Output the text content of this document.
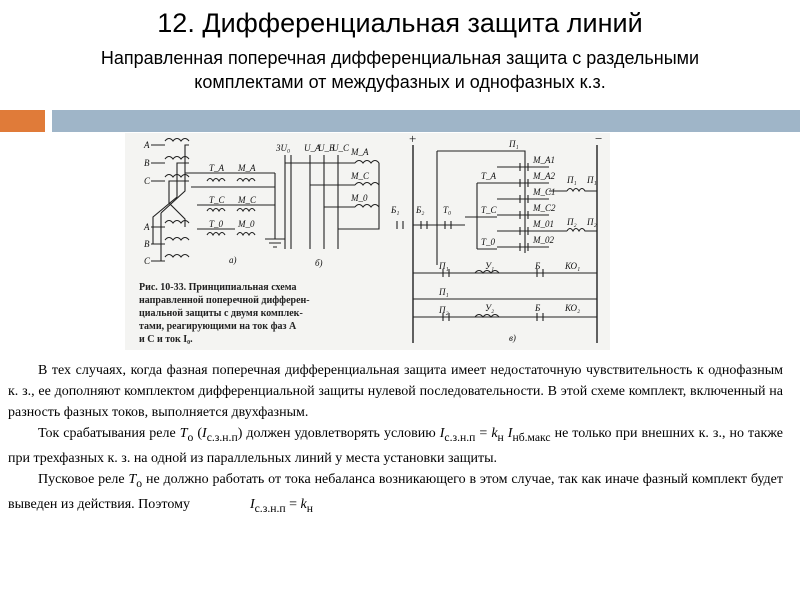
12. Дифференциальная защита линий
Направленная поперечная дифференциальная защита с раздельными
комплектами от междуфазных и однофазных к.з.
А
В
С
А
В
С
Т_А М_А
Т_С М_С
Т_0 М_0
а)
3U₀ U_А
U_В
U_С М_А
М_С
М_0
б)
Рис. 10-33. Принципиальная схема
направленной поперечной дифферен-
циальной защиты с двумя комплек-
тами, реагирующими на ток фаз А
и С и ток I₀.
+	−
П₁
М_А1
М_А2
М_С1
М_С2
М_01
М_02
Т_А
Т_С
Т_0
Б₁ Б₂ Т₀
П₁
П₂
П₁
П₂
П₁	У₁	Б	КО₁
П₁
П₂	У₂	Б	КО₂
в)

В тех случаях, когда фазная поперечная дифференциальная защита имеет недостаточную чувствительность к однофазным к. з., ее дополняют комплектом дифференциальной защиты нулевой последовательности. В этой схеме комплект, включенный на разность фазных токов, выполняется двухфазным.

Ток срабатывания реле $Т_о$ $(I_{с.з.н.п})$ должен удовлетворять условию $I_{с.з.н.п} = k_н$ $I_{нб.макс}$ не только при внешних к. з., но также при трехфазных к. з. на одной из параллельных линий у места установки защиты.

Пусковое реле $Т_о$ не должно работать от тока небаланса возникающего в этом случае, так как иначе фазный комплект будет выведен из действия. Поэтому	$I_{с.з.н.п} = k_н$
